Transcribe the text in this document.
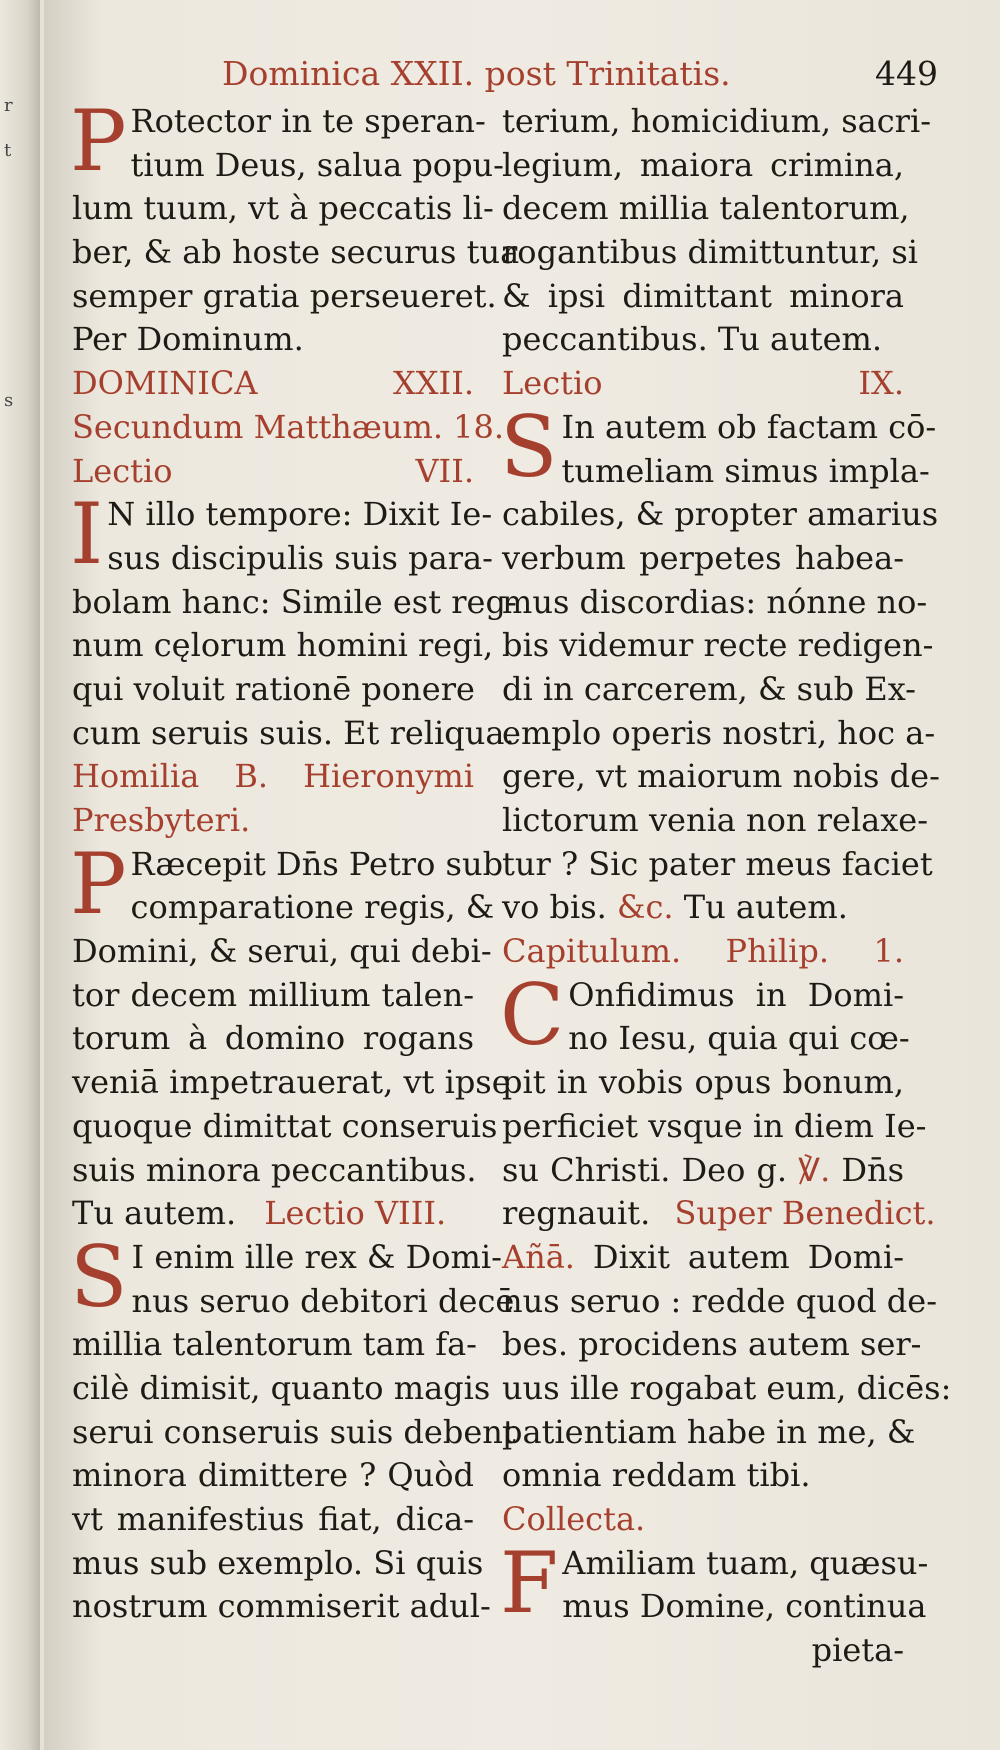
r
t
s
Dominica XXII. post Trinitatis.	449
P Rotector in te speran-
tium Deus, salua popu-
lum tuum, vt à peccatis li-
ber, & ab hoste securus tua
semper gratia perseueret.
Per Dominum.
DOMINICA XXII.
Secundum Matthæum. 18.
Lectio VII.
I N illo tempore: Dixit Ie-
sus discipulis suis para-
bolam hanc: Simile est reg-
num cęlorum homini regi,
qui voluit rationē ponere
cum seruis suis. Et reliqua.
Homilia B. Hieronymi
Presbyteri.
P Ræcepit Dn̄s Petro sub
comparatione regis, &
Domini, & serui, qui debi-
tor decem millium talen-
torum à domino rogans
veniā impetrauerat, vt ipse
quoque dimittat conseruis
suis minora peccantibus.
Tu autem. Lectio VIII.
S I enim ille rex & Domi-
nus seruo debitori decē
millia talentorum tam fa-
cilè dimisit, quanto magis
serui conseruis suis debent
minora dimittere ? Quòd
vt manifestius fiat, dica-
mus sub exemplo. Si quis
nostrum commiserit adul-
terium, homicidium, sacri-
legium, maiora crimina,
decem millia talentorum,
rogantibus dimittuntur, si
& ipsi dimittant minora
peccantibus. Tu autem.
Lectio IX.
S In autem ob factam cō-
tumeliam simus impla-
cabiles, & propter amarius
verbum perpetes habea-
mus discordias: nónne no-
bis videmur recte redigen-
di in carcerem, & sub Ex-
emplo operis nostri, hoc a-
gere, vt maiorum nobis de-
lictorum venia non relaxe-
tur ? Sic pater meus faciet
vo bis. &c. Tu autem.
Capitulum. Philip. 1.
C Onfidimus in Domi-
no Iesu, quia qui cœ-
pit in vobis opus bonum,
perficiet vsque in diem Ie-
su Christi. Deo g. ℣. Dn̄s
regnauit. Super Benedict.
Añā. Dixit autem Domi-
nus seruo : redde quod de-
bes. procidens autem ser-
uus ille rogabat eum, dicēs:
patientiam habe in me, &
omnia reddam tibi.
Collecta.
F Amiliam tuam, quæsu-
mus Domine, continua
pieta-
